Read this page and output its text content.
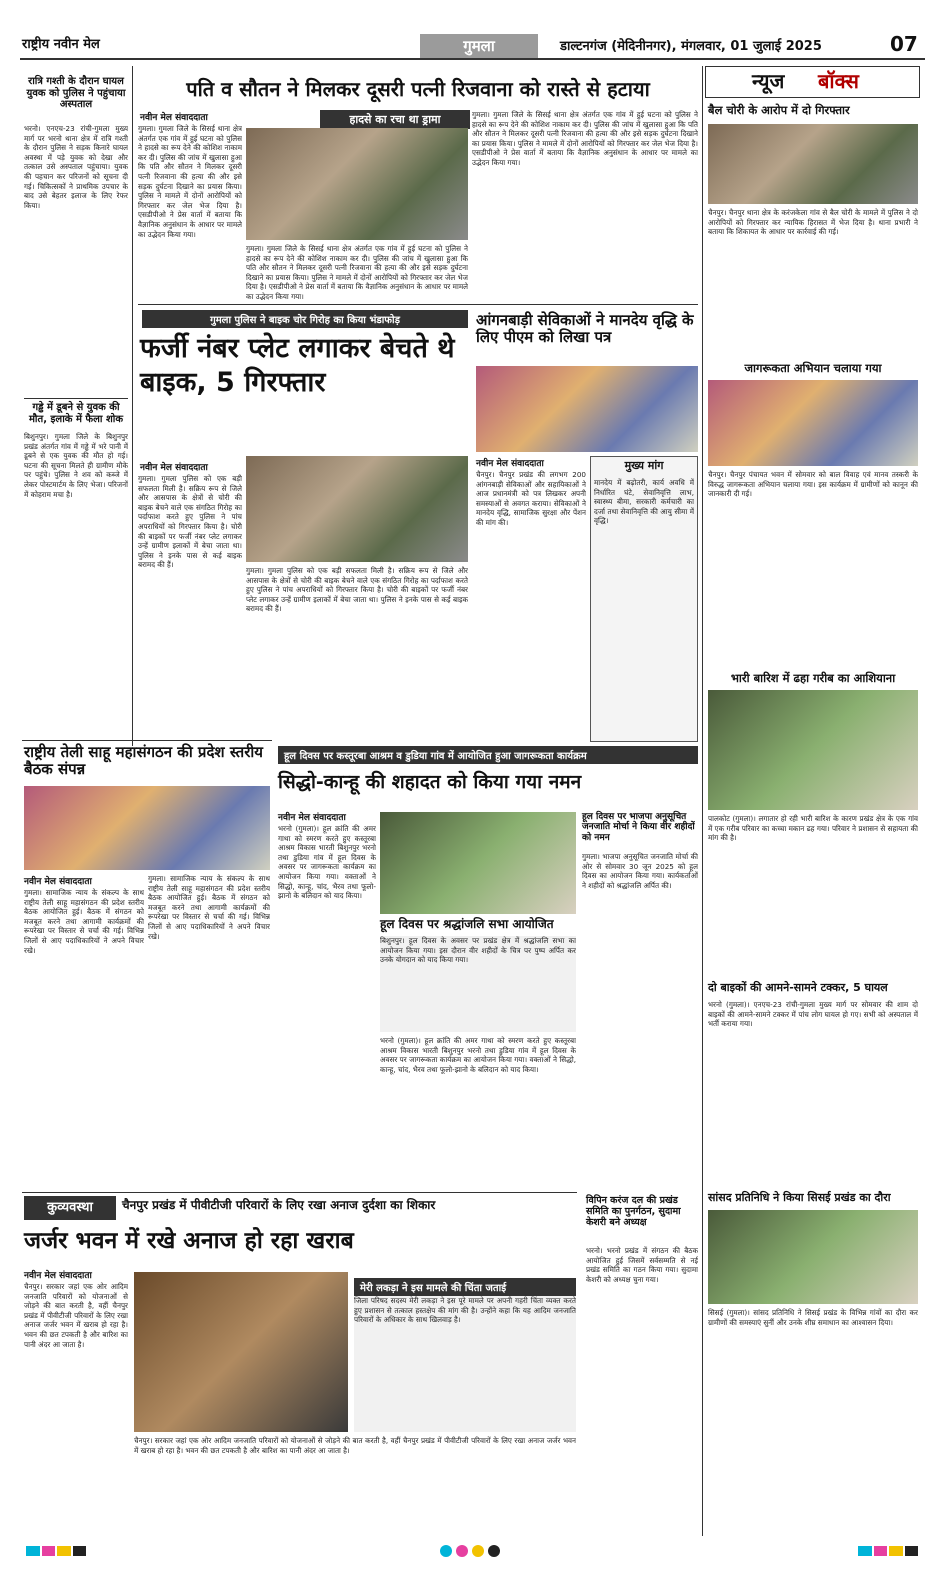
राष्ट्रीय नवीन मेल	गुमला	डाल्टनगंज (मेदिनीनगर), मंगलवार, 01 जुलाई 2025	07
रात्रि गश्ती के दौरान घायल युवक को पुलिस ने पहुंचाया अस्पताल
भरनो। एनएच-23 रांची-गुमला मुख्य मार्ग पर भरनो थाना क्षेत्र में रात्रि गश्ती के दौरान पुलिस ने सड़क किनारे घायल अवस्था में पड़े युवक को देखा और तत्काल उसे अस्पताल पहुंचाया। युवक की पहचान कर परिजनों को सूचना दी गई। चिकित्सकों ने प्राथमिक उपचार के बाद उसे बेहतर इलाज के लिए रेफर किया।
गड्ढे में डूबने से युवक की मौत, इलाके में फैला शोक
बिशुनपुर। गुमला जिले के बिशुनपुर प्रखंड अंतर्गत गांव में गड्ढे में भरे पानी में डूबने से एक युवक की मौत हो गई। घटना की सूचना मिलते ही ग्रामीण मौके पर पहुंचे। पुलिस ने शव को कब्जे में लेकर पोस्टमार्टम के लिए भेजा। परिजनों में कोहराम मचा है।
पति व सौतन ने मिलकर दूसरी पत्नी रिजवाना को रास्ते से हटाया
नवीन मेल संवाददाता	हादसे का रचा था ड्रामा
गुमला। गुमला जिले के सिसई थाना क्षेत्र अंतर्गत एक गांव में हुई घटना को पुलिस ने हादसे का रूप देने की कोशिश नाकाम कर दी। पुलिस की जांच में खुलासा हुआ कि पति और सौतन ने मिलकर दूसरी पत्नी रिजवाना की हत्या की और इसे सड़क दुर्घटना दिखाने का प्रयास किया। पुलिस ने मामले में दोनों आरोपियों को गिरफ्तार कर जेल भेज दिया है। एसडीपीओ ने प्रेस वार्ता में बताया कि वैज्ञानिक अनुसंधान के आधार पर मामले का उद्भेदन किया गया।
गुमला। गुमला जिले के सिसई थाना क्षेत्र अंतर्गत एक गांव में हुई घटना को पुलिस ने हादसे का रूप देने की कोशिश नाकाम कर दी। पुलिस की जांच में खुलासा हुआ कि पति और सौतन ने मिलकर दूसरी पत्नी रिजवाना की हत्या की और इसे सड़क दुर्घटना दिखाने का प्रयास किया। पुलिस ने मामले में दोनों आरोपियों को गिरफ्तार कर जेल भेज दिया है। एसडीपीओ ने प्रेस वार्ता में बताया कि वैज्ञानिक अनुसंधान के आधार पर मामले का उद्भेदन किया गया।
गुमला। गुमला जिले के सिसई थाना क्षेत्र अंतर्गत एक गांव में हुई घटना को पुलिस ने हादसे का रूप देने की कोशिश नाकाम कर दी। पुलिस की जांच में खुलासा हुआ कि पति और सौतन ने मिलकर दूसरी पत्नी रिजवाना की हत्या की और इसे सड़क दुर्घटना दिखाने का प्रयास किया। पुलिस ने मामले में दोनों आरोपियों को गिरफ्तार कर जेल भेज दिया है। एसडीपीओ ने प्रेस वार्ता में बताया कि वैज्ञानिक अनुसंधान के आधार पर मामले का उद्भेदन किया गया।
गुमला पुलिस ने बाइक चोर गिरोह का किया भंडाफोड़
फर्जी नंबर प्लेट लगाकर बेचते थे बाइक, 5 गिरफ्तार
नवीन मेल संवाददाता
गुमला। गुमला पुलिस को एक बड़ी सफलता मिली है। सक्रिय रूप से जिले और आसपास के क्षेत्रों से चोरी की बाइक बेचने वाले एक संगठित गिरोह का पर्दाफाश करते हुए पुलिस ने पांच अपराधियों को गिरफ्तार किया है। चोरी की बाइकों पर फर्जी नंबर प्लेट लगाकर उन्हें ग्रामीण इलाकों में बेचा जाता था। पुलिस ने इनके पास से कई बाइक बरामद की हैं।
गुमला। गुमला पुलिस को एक बड़ी सफलता मिली है। सक्रिय रूप से जिले और आसपास के क्षेत्रों से चोरी की बाइक बेचने वाले एक संगठित गिरोह का पर्दाफाश करते हुए पुलिस ने पांच अपराधियों को गिरफ्तार किया है। चोरी की बाइकों पर फर्जी नंबर प्लेट लगाकर उन्हें ग्रामीण इलाकों में बेचा जाता था। पुलिस ने इनके पास से कई बाइक बरामद की हैं।
आंगनबाड़ी सेविकाओं ने मानदेय वृद्धि के लिए पीएम को लिखा पत्र
नवीन मेल संवाददाता
चैनपुर। चैनपुर प्रखंड की लगभग 200 आंगनबाड़ी सेविकाओं और सहायिकाओं ने आज प्रधानमंत्री को पत्र लिखकर अपनी समस्याओं से अवगत कराया। सेविकाओं ने मानदेय वृद्धि, सामाजिक सुरक्षा और पेंशन की मांग की।
मुख्य मांग
मानदेय में बढ़ोतरी, कार्य अवधि में निर्धारित घंटे, सेवानिवृत्ति लाभ, स्वास्थ्य बीमा, सरकारी कर्मचारी का दर्जा तथा सेवानिवृत्ति की आयु सीमा में वृद्धि।
राष्ट्रीय तेली साहू महासंगठन की प्रदेश स्तरीय बैठक संपन्न
नवीन मेल संवाददाता
गुमला। सामाजिक न्याय के संकल्प के साथ राष्ट्रीय तेली साहू महासंगठन की प्रदेश स्तरीय बैठक आयोजित हुई। बैठक में संगठन को मजबूत करने तथा आगामी कार्यक्रमों की रूपरेखा पर विस्तार से चर्चा की गई। विभिन्न जिलों से आए पदाधिकारियों ने अपने विचार रखे।
गुमला। सामाजिक न्याय के संकल्प के साथ राष्ट्रीय तेली साहू महासंगठन की प्रदेश स्तरीय बैठक आयोजित हुई। बैठक में संगठन को मजबूत करने तथा आगामी कार्यक्रमों की रूपरेखा पर विस्तार से चर्चा की गई। विभिन्न जिलों से आए पदाधिकारियों ने अपने विचार रखे।
हूल दिवस पर कस्तूरबा आश्रम व डुडिया गांव में आयोजित हुआ जागरूकता कार्यक्रम
सिद्धो-कान्हू की शहादत को किया गया नमन
नवीन मेल संवाददाता
भरनो (गुमला)। हूल क्रांति की अमर गाथा को स्मरण करते हुए कस्तूरबा आश्रम विकास भारती बिशुनपुर भरनो तथा डुडिया गांव में हूल दिवस के अवसर पर जागरूकता कार्यक्रम का आयोजन किया गया। वक्ताओं ने सिद्धो, कान्हू, चांद, भैरव तथा फूलो-झानो के बलिदान को याद किया।
हूल दिवस पर श्रद्धांजलि सभा आयोजित
बिशुनपुर। हूल दिवस के अवसर पर प्रखंड क्षेत्र में श्रद्धांजलि सभा का आयोजन किया गया। इस दौरान वीर शहीदों के चित्र पर पुष्प अर्पित कर उनके योगदान को याद किया गया।
भरनो (गुमला)। हूल क्रांति की अमर गाथा को स्मरण करते हुए कस्तूरबा आश्रम विकास भारती बिशुनपुर भरनो तथा डुडिया गांव में हूल दिवस के अवसर पर जागरूकता कार्यक्रम का आयोजन किया गया। वक्ताओं ने सिद्धो, कान्हू, चांद, भैरव तथा फूलो-झानो के बलिदान को याद किया।
हूल दिवस पर भाजपा अनुसूचित जनजाति मोर्चा ने किया वीर शहीदों को नमन
गुमला। भाजपा अनुसूचित जनजाति मोर्चा की ओर से सोमवार 30 जून 2025 को हूल दिवस का आयोजन किया गया। कार्यकर्ताओं ने शहीदों को श्रद्धांजलि अर्पित की।
कुव्यवस्था	चैनपुर प्रखंड में पीवीटीजी परिवारों के लिए रखा अनाज दुर्दशा का शिकार
जर्जर भवन में रखे अनाज हो रहा खराब
नवीन मेल संवाददाता
चैनपुर। सरकार जहां एक ओर आदिम जनजाति परिवारों को योजनाओं से जोड़ने की बात करती है, वहीं चैनपुर प्रखंड में पीवीटीजी परिवारों के लिए रखा अनाज जर्जर भवन में खराब हो रहा है। भवन की छत टपकती है और बारिश का पानी अंदर आ जाता है।
मेरी लकड़ा ने इस मामले की चिंता जताई
जिला परिषद सदस्य मेरी लकड़ा ने इस पूरे मामले पर अपनी गहरी चिंता व्यक्त करते हुए प्रशासन से तत्काल हस्तक्षेप की मांग की है। उन्होंने कहा कि यह आदिम जनजाति परिवारों के अधिकार के साथ खिलवाड़ है।
चैनपुर। सरकार जहां एक ओर आदिम जनजाति परिवारों को योजनाओं से जोड़ने की बात करती है, वहीं चैनपुर प्रखंड में पीवीटीजी परिवारों के लिए रखा अनाज जर्जर भवन में खराब हो रहा है। भवन की छत टपकती है और बारिश का पानी अंदर आ जाता है।
विपिन करंज दल की प्रखंड समिति का पुनर्गठन, सुदामा केशरी बने अध्यक्ष
भरनो। भरनो प्रखंड में संगठन की बैठक आयोजित हुई जिसमें सर्वसम्मति से नई प्रखंड समिति का गठन किया गया। सुदामा केशरी को अध्यक्ष चुना गया।
न्यूज बॉक्स
बैल चोरी के आरोप में दो गिरफ्तार
चैनपुर। चैनपुर थाना क्षेत्र के करंजकेला गांव से बैल चोरी के मामले में पुलिस ने दो आरोपियों को गिरफ्तार कर न्यायिक हिरासत में भेज दिया है। थाना प्रभारी ने बताया कि शिकायत के आधार पर कार्रवाई की गई।
जागरूकता अभियान चलाया गया
चैनपुर। चैनपुर पंचायत भवन में सोमवार को बाल विवाह एवं मानव तस्करी के विरुद्ध जागरूकता अभियान चलाया गया। इस कार्यक्रम में ग्रामीणों को कानून की जानकारी दी गई।
भारी बारिश में ढहा गरीब का आशियाना
पालकोट (गुमला)। लगातार हो रही भारी बारिश के कारण प्रखंड क्षेत्र के एक गांव में एक गरीब परिवार का कच्चा मकान ढह गया। परिवार ने प्रशासन से सहायता की मांग की है।
दो बाइकों की आमने-सामने टक्कर, 5 घायल
भरनो (गुमला)। एनएच-23 रांची-गुमला मुख्य मार्ग पर सोमवार की शाम दो बाइकों की आमने-सामने टक्कर में पांच लोग घायल हो गए। सभी को अस्पताल में भर्ती कराया गया।
सांसद प्रतिनिधि ने किया सिसई प्रखंड का दौरा
सिसई (गुमला)। सांसद प्रतिनिधि ने सिसई प्रखंड के विभिन्न गांवों का दौरा कर ग्रामीणों की समस्याएं सुनीं और उनके शीघ्र समाधान का आश्वासन दिया।
